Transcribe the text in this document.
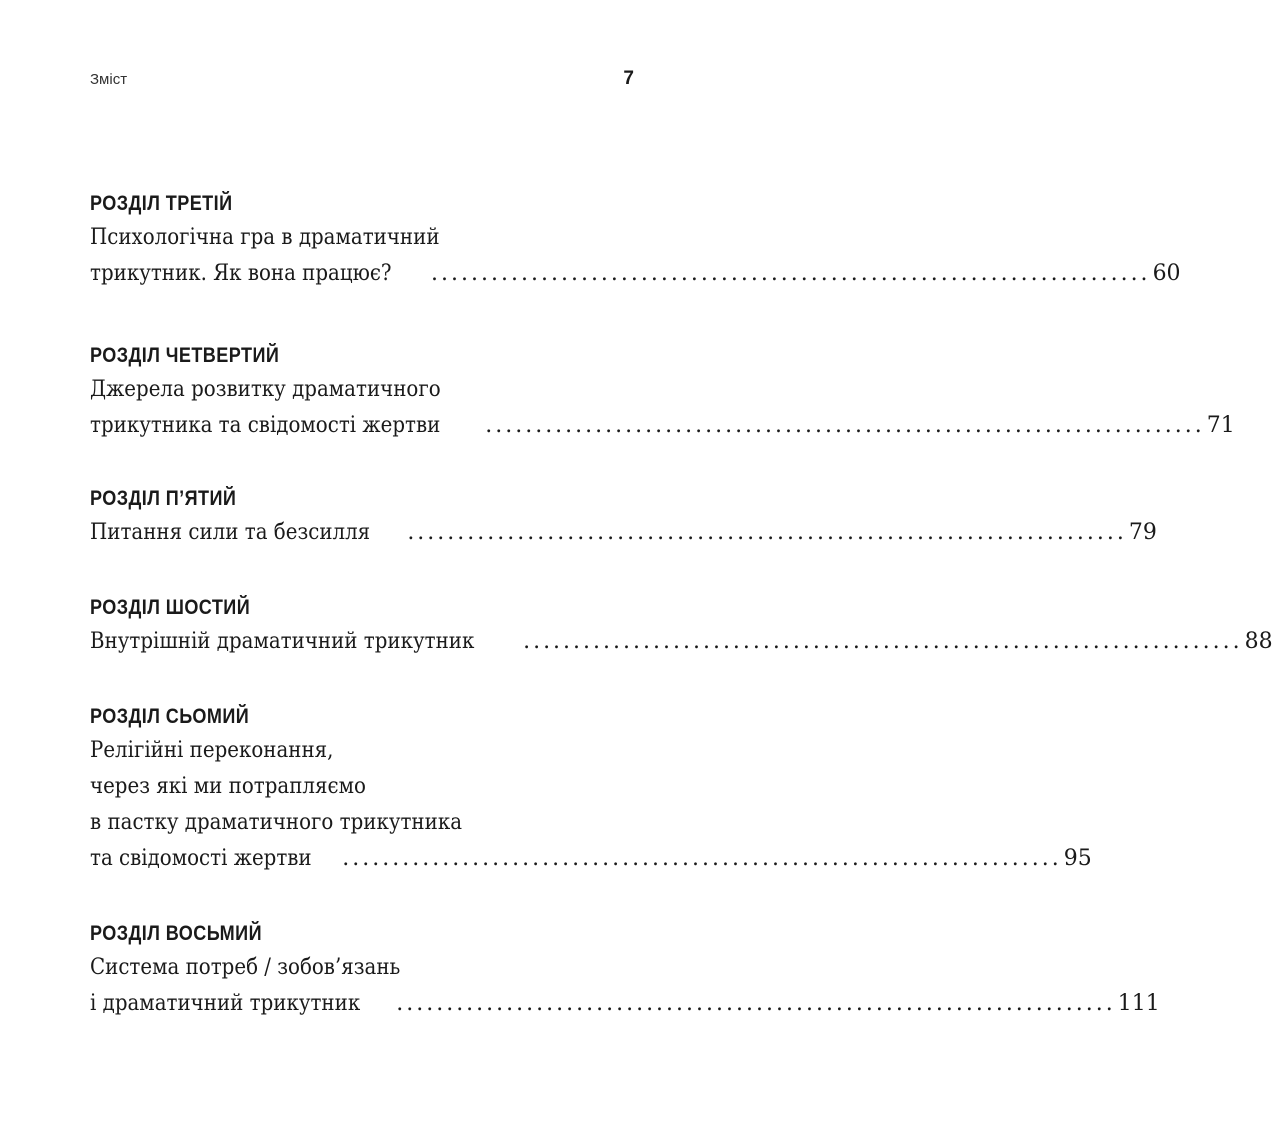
Зміст	7
РОЗДІЛ ТРЕТІЙ
Психологічна гра в драматичний
трикутник. Як вона працює? ........................................................................ 60
РОЗДІЛ ЧЕТВЕРТИЙ
Джерела розвитку драматичного
трикутника та свідомості жертви ........................................................................ 71
РОЗДІЛ П’ЯТИЙ
Питання сили та безсилля ........................................................................ 79
РОЗДІЛ ШОСТИЙ
Внутрішній драматичний трикутник ........................................................................ 88
РОЗДІЛ СЬОМИЙ
Релігійні переконання,
через які ми потрапляємо
в пастку драматичного трикутника
та свідомості жертви ........................................................................ 95
РОЗДІЛ ВОСЬМИЙ
Система потреб / зобов’язань
і драматичний трикутник ........................................................................ 111
